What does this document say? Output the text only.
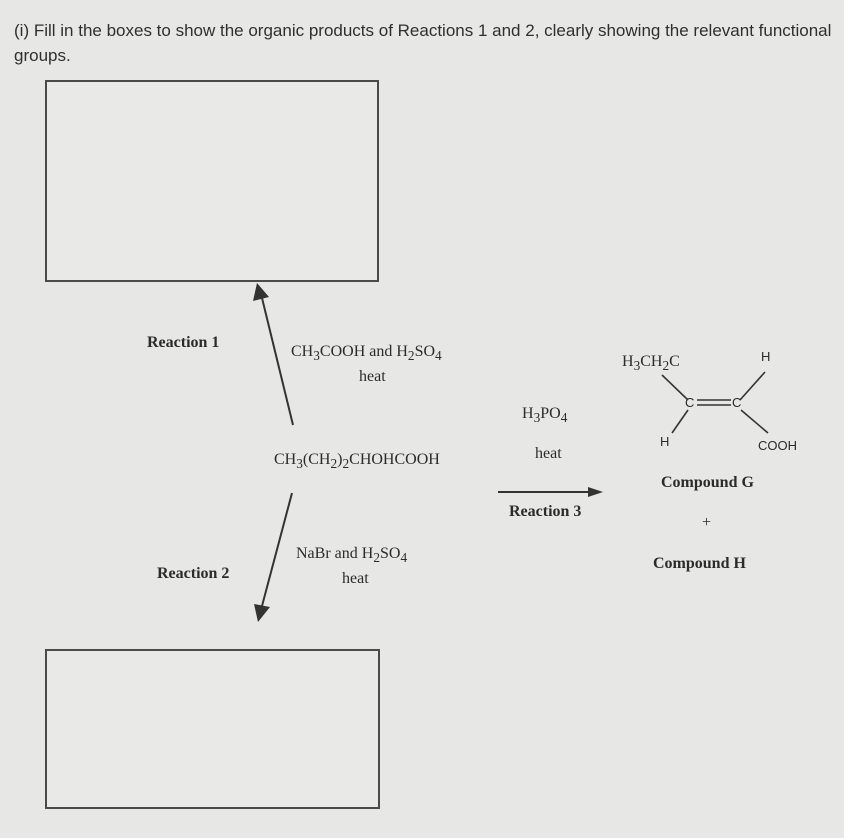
(i) Fill in the boxes to show the organic products of Reactions 1 and 2, clearly showing the relevant functional groups.
Reaction 1
$CH_3COOH$ and $H_2SO_4$
heat
$CH_3(CH_2)_2CHOHCOOH$
NaBr and $H_2SO_4$
heat
Reaction 2
$H_3PO_4$
heat
Reaction 3
$H_3CH_2C$	H
C	C
H	COOH
Compound G
+
Compound H
